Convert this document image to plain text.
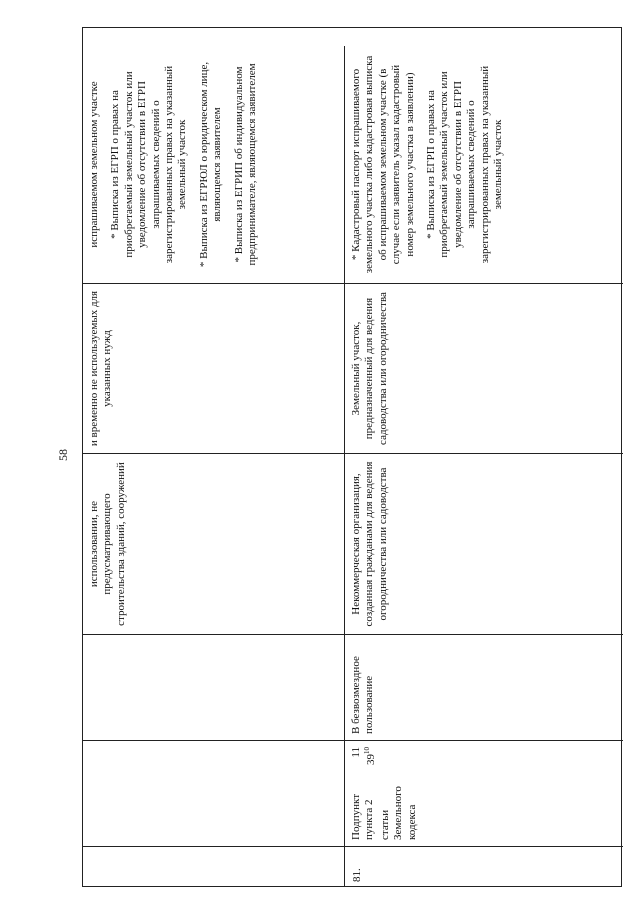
58
использовании, не предусматривающего строительства зданий, сооружений
и временно не используемых для указанных нужд
испрашиваемом земельном участке * Выписка из ЕГРП о правах на приобретаемый земельный участок или уведомление об отсутствии в ЕГРП запрашиваемых сведений о зарегистрированных правах на указанный земельный участок * Выписка из ЕГРЮЛ о юридическом лице, являющемся заявителем * Выписка из ЕГРИП об индивидуальном предпринимателе, являющемся заявителем
81.
Подпункт
11
пункта 2
$39^{10}$
статьи Земельного кодекса
В безвозмездное пользование
Некоммерческая организация, созданная гражданами для ведения огородничества или садоводства
Земельный участок, предназначенный для ведения садоводства или огородничества
* Кадастровый паспорт испрашиваемого земельного участка либо кадастровая выписка об испрашиваемом земельном участке (в случае если заявитель указал кадастровый номер земельного участка в заявлении) * Выписка из ЕГРП о правах на приобретаемый земельный участок или уведомление об отсутствии в ЕГРП запрашиваемых сведений о зарегистрированных правах на указанный земельный участок
